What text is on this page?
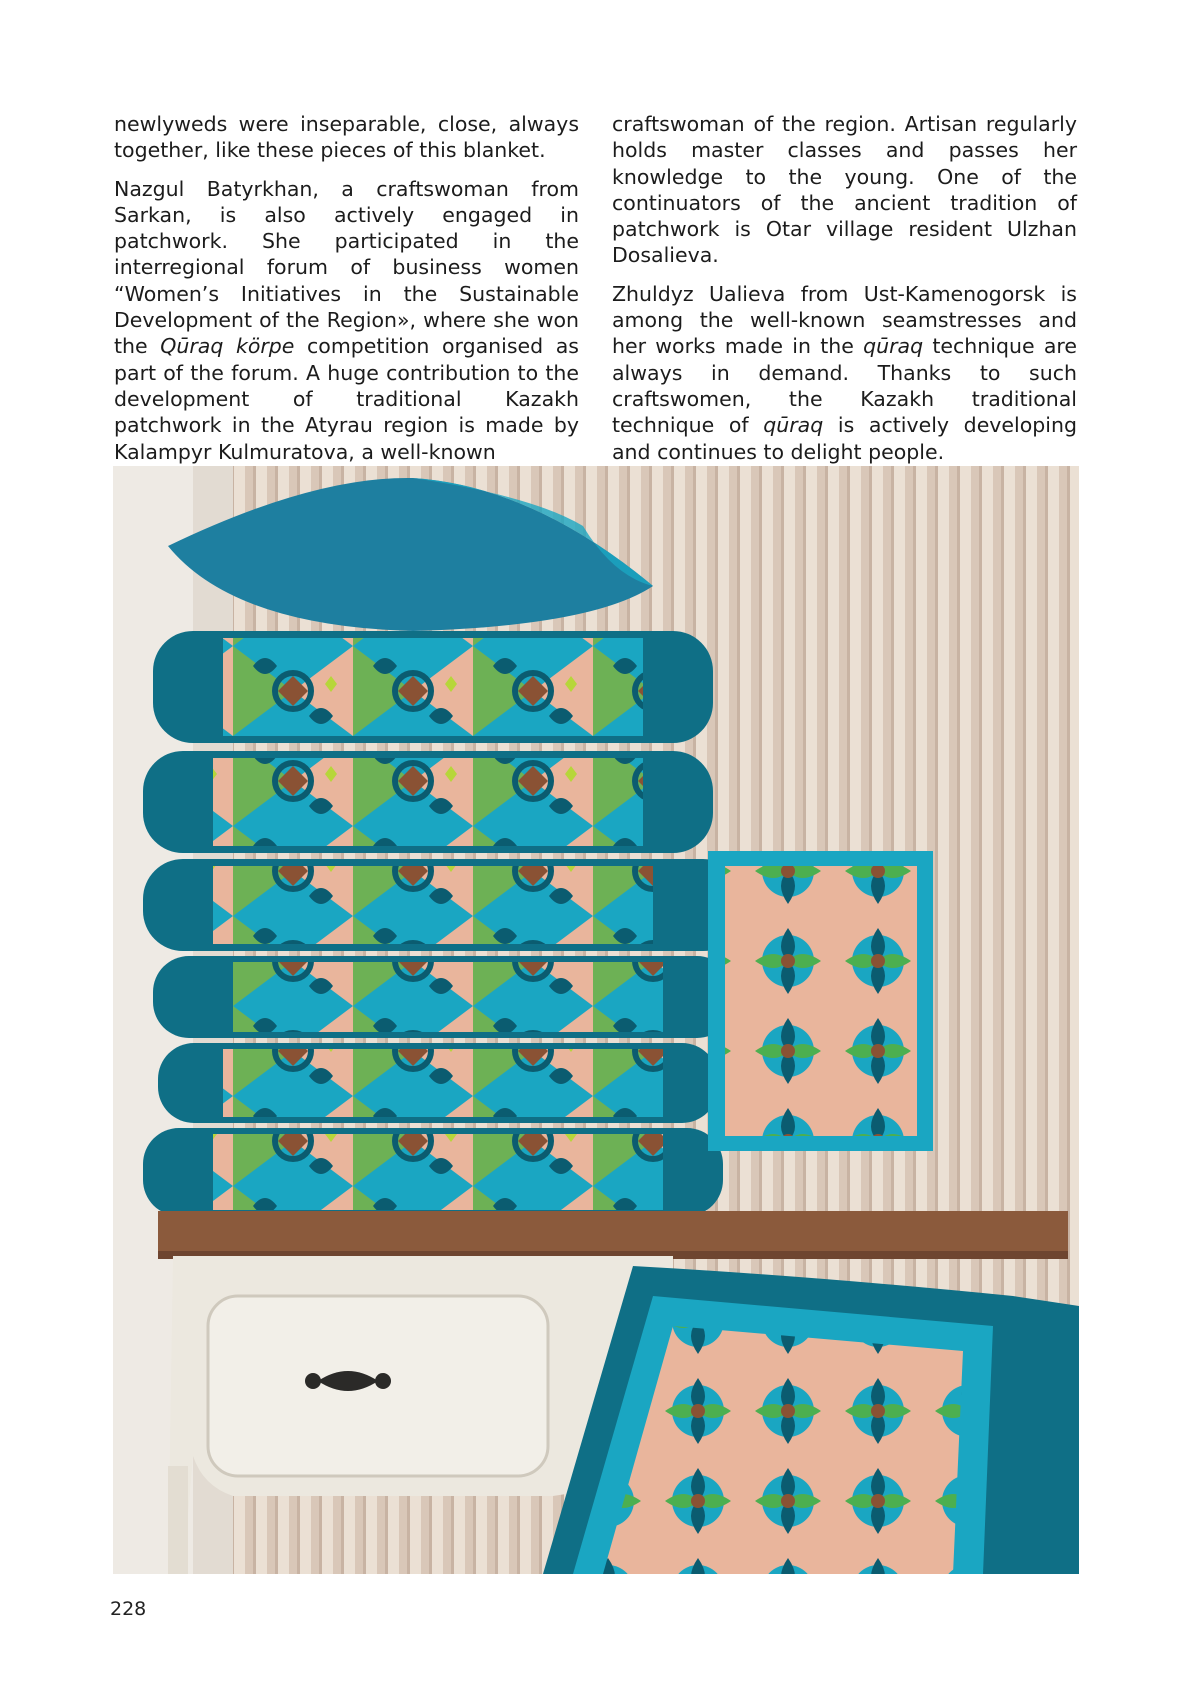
newlyweds were inseparable, close, always together, like these pieces of this blanket.

Nazgul Batyrkhan, a craftswoman from Sarkan, is also actively engaged in patchwork. She participated in the interregional forum of business women “Women’s Initiatives in the Sustainable Development of the Region», where she won the Qūraq körpe competition organised as part of the forum. A huge contribution to the development of traditional Kazakh patchwork in the Atyrau region is made by Kalampyr Kulmuratova, a well-known

craftswoman of the region. Artisan regularly holds master classes and passes her knowledge to the young. One of the continuators of the ancient tradition of patchwork is Otar village resident Ulzhan Dosalieva.

Zhuldyz Ualieva from Ust-Kamenogorsk is among the well-known seamstresses and her works made in the qūraq technique are always in demand. Thanks to such craftswomen, the Kazakh traditional technique of qūraq is actively developing and continues to delight people.

228
